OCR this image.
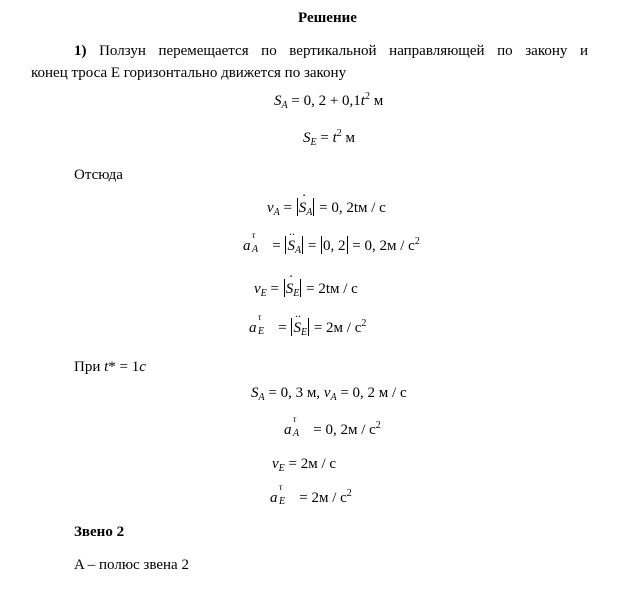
Решение
1) Ползун перемещается по вертикальной направляющей по закону и
конец троса E горизонтально движется по закону
$S_A = 0$, $2 + 0,1t^2$ м
$S_E = t^2$ м
Отсюда
$v_A$ = · $S_A = 0$, 2tм / c
a
τ
A = ·· $S_A = 0$, 2 = 0, $2м / c^2$
$v_E$ = · $S_E = 2tм / c$
a
τ
E = ·· $S_E = 2м / c^2$
При t* = 1c
$S_A = 0$, 3 м, $v_A = 0$, 2 м / c
a
τ
A = 0, $2м / c^2$
$v_E = 2м / c$
a
τ
$E = 2м / c^2$
Звено 2
A – полюс звена 2
